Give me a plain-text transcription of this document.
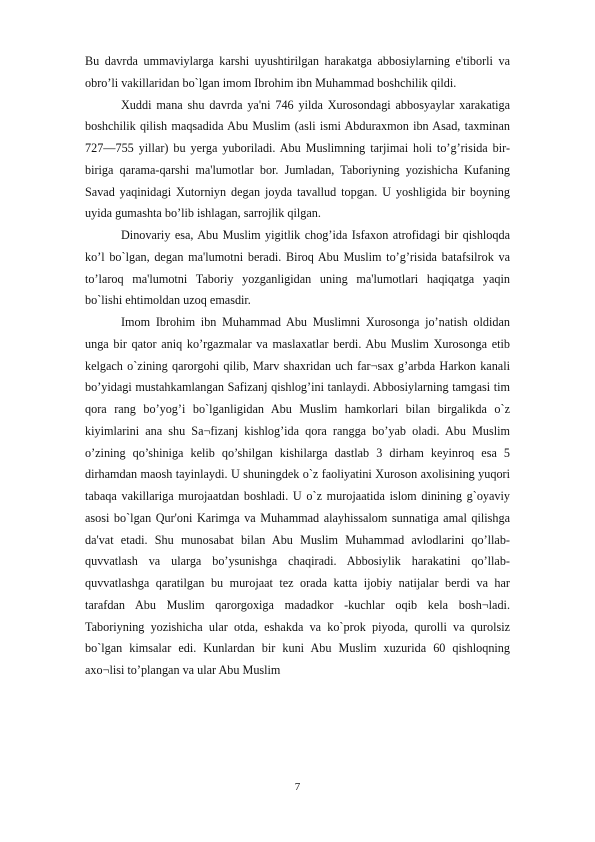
Bu davrda ummaviylarga karshi uyushtirilgan harakatga abbosiylarning e'tiborli va obro’li vakillaridan bo`lgan imom Ibrohim ibn Muhammad boshchilik qildi.

Xuddi mana shu davrda ya'ni 746 yilda Xurosondagi abbosyaylar xarakatiga boshchilik qilish maqsadida Abu Muslim (asli ismi Abduraxmon ibn Asad, taxminan 727—755 yillar) bu yerga yuboriladi. Abu Muslimning tarjimai holi to’g’risida bir-biriga qarama-qarshi ma'lumotlar bor. Jumladan, Taboriyning yozishicha Kufaning Savad yaqinidagi Xutorniyn degan joyda tavallud topgan. U yoshligida bir boyning uyida gumashta bo’lib ishlagan, sarrojlik qilgan.

Dinovariy esa, Abu Muslim yigitlik chog’ida Isfaxon atrofidagi bir qishloqda ko’l bo`lgan, degan ma'lumotni beradi. Biroq Abu Muslim to’g’risida batafsilrok va to’laroq ma'lumotni Taboriy yozganligidan uning ma'lumotlari haqiqatga yaqin bo`lishi ehtimoldan uzoq emasdir.

Imom Ibrohim ibn Muhammad Abu Muslimni Xurosonga jo’natish oldidan unga bir qator aniq ko’rgazmalar va maslaxatlar berdi. Abu Muslim Xurosonga etib kelgach o`zining qarorgohi qilib, Marv shaxridan uch far¬sax g’arbda Harkon kanali bo’yidagi mustahkamlangan Safizanj qishlog’ini tanlaydi. Abbosiylarning tamgasi tim qora rang bo’yog’i bo`lganligidan Abu Muslim hamkorlari bilan birgalikda o`z kiyimlarini ana shu Sa¬fizanj kishlog’ida qora rangga bo’yab oladi. Abu Muslim o’zining qo’shiniga kelib qo’shilgan kishilarga dastlab 3 dirham keyinroq esa 5 dirhamdan maosh tayinlaydi. U shuningdek o`z faoliyatini Xuroson axolisining yuqori tabaqa vakillariga murojaatdan boshladi. U o`z murojaatida islom dinining g`oyaviy asosi bo`lgan Qur'oni Karimga va Muhammad alayhissalom sunnatiga amal qilishga da'vat etadi. Shu munosabat bilan Abu Muslim Muhammad avlodlarini qo’llab-quvvatlash va ularga bo’ysunishga chaqiradi. Abbosiylik harakatini qo’llab-quvvatlashga qaratilgan bu murojaat tez orada katta ijobiy natijalar berdi va har tarafdan Abu Muslim qarorgoxiga madadkor -kuchlar oqib kela bosh¬ladi. Taboriyning yozishicha ular otda, eshakda va ko`prok piyoda, qurolli va qurolsiz bo`lgan kimsalar edi. Kunlardan bir kuni Abu Muslim xuzurida 60 qishloqning axo¬lisi to’plangan va ular Abu Muslim

7
